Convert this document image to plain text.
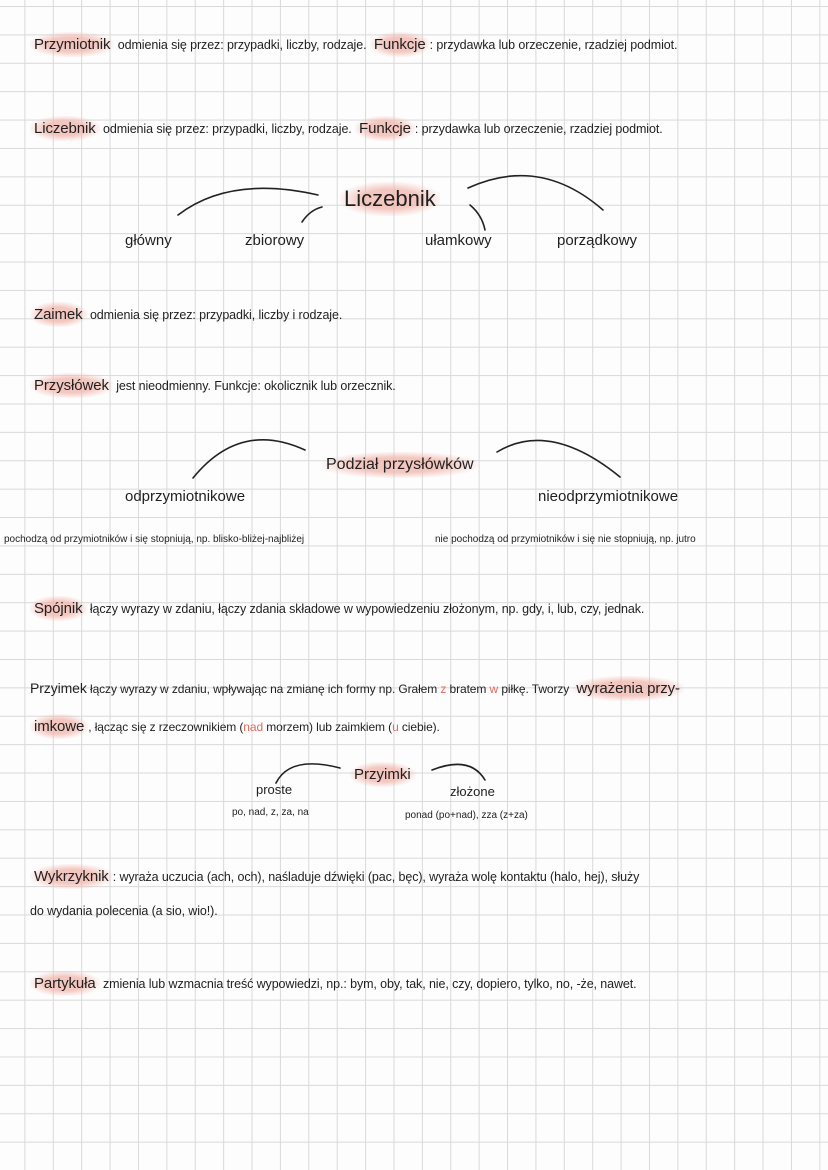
Przymiotnik odmienia się przez: przypadki, liczby, rodzaje. Funkcje : przydawka lub orzeczenie, rzadziej podmiot.
Liczebnik odmienia się przez: przypadki, liczby, rodzaje. Funkcje : przydawka lub orzeczenie, rzadziej podmiot.
Liczebnik
główny	zbiorowy	ułamkowy	porządkowy
Zaimek odmienia się przez: przypadki, liczby i rodzaje.
Przysłówek jest nieodmienny. Funkcje: okolicznik lub orzecznik.
Podział przysłówków
odprzymiotnikowe	nieodprzymiotnikowe
pochodzą od przymiotników i się stopniują, np. blisko-bliżej-najbliżej	nie pochodzą od przymiotników i się nie stopniują, np. jutro
Spójnik łączy wyrazy w zdaniu, łączy zdania składowe w wypowiedzeniu złożonym, np. gdy, i, lub, czy, jednak.
Przyimek łączy wyrazy w zdaniu, wpływając na zmianę ich formy np. Grałem z bratem w piłkę. Tworzy wyrażenia przy-
imkowe , łącząc się z rzeczownikiem (nad morzem) lub zaimkiem (u ciebie).
Przyimki
proste	złożone
po, nad, z, za, na	ponad (po+nad), zza (z+za)
Wykrzyknik : wyraża uczucia (ach, och), naśladuje dźwięki (pac, bęc), wyraża wolę kontaktu (halo, hej), służy
do wydania polecenia (a sio, wio!).
Partykuła zmienia lub wzmacnia treść wypowiedzi, np.: bym, oby, tak, nie, czy, dopiero, tylko, no, -że, nawet.
